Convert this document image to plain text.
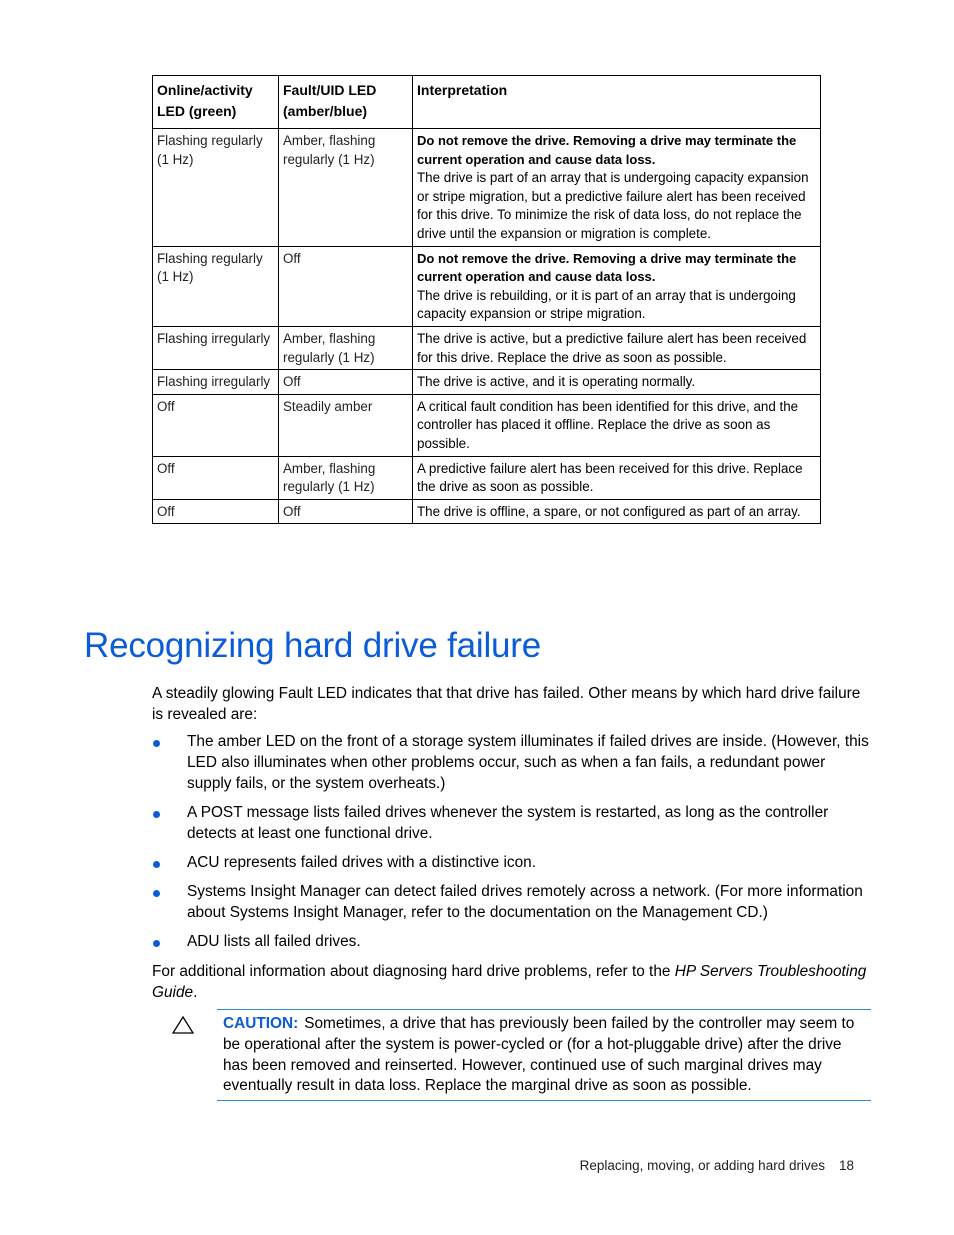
Online/activity LED (green)	Fault/UID LED (amber/blue)	Interpretation
Flashing regularly (1 Hz)	Amber, flashing regularly (1 Hz)	Do not remove the drive. Removing a drive may terminate the current operation and cause data loss.

The drive is part of an array that is undergoing capacity expansion or stripe migration, but a predictive failure alert has been received for this drive. To minimize the risk of data loss, do not replace the drive until the expansion or migration is complete.

Flashing regularly (1 Hz)	Off	Do not remove the drive. Removing a drive may terminate the current operation and cause data loss.

The drive is rebuilding, or it is part of an array that is undergoing capacity expansion or stripe migration.

Flashing irregularly	Amber, flashing regularly (1 Hz)	The drive is active, but a predictive failure alert has been received for this drive. Replace the drive as soon as possible.

Flashing irregularly	Off	The drive is active, and it is operating normally.

Off	Steadily amber	A critical fault condition has been identified for this drive, and the controller has placed it offline. Replace the drive as soon as possible.

Off	Amber, flashing regularly (1 Hz)	A predictive failure alert has been received for this drive. Replace the drive as soon as possible.

Off	Off	The drive is offline, a spare, or not configured as part of an array.

Recognizing hard drive failure

A steadily glowing Fault LED indicates that that drive has failed. Other means by which hard drive failure is revealed are:

The amber LED on the front of a storage system illuminates if failed drives are inside. (However, this LED also illuminates when other problems occur, such as when a fan fails, a redundant power supply fails, or the system overheats.)
A POST message lists failed drives whenever the system is restarted, as long as the controller detects at least one functional drive.
ACU represents failed drives with a distinctive icon.
Systems Insight Manager can detect failed drives remotely across a network. (For more information about Systems Insight Manager, refer to the documentation on the Management CD.)
ADU lists all failed drives.

For additional information about diagnosing hard drive problems, refer to the HP Servers Troubleshooting Guide.

CAUTION: Sometimes, a drive that has previously been failed by the controller may seem to be operational after the system is power-cycled or (for a hot-pluggable drive) after the drive has been removed and reinserted. However, continued use of such marginal drives may eventually result in data loss. Replace the marginal drive as soon as possible.

Replacing, moving, or adding hard drives 18
